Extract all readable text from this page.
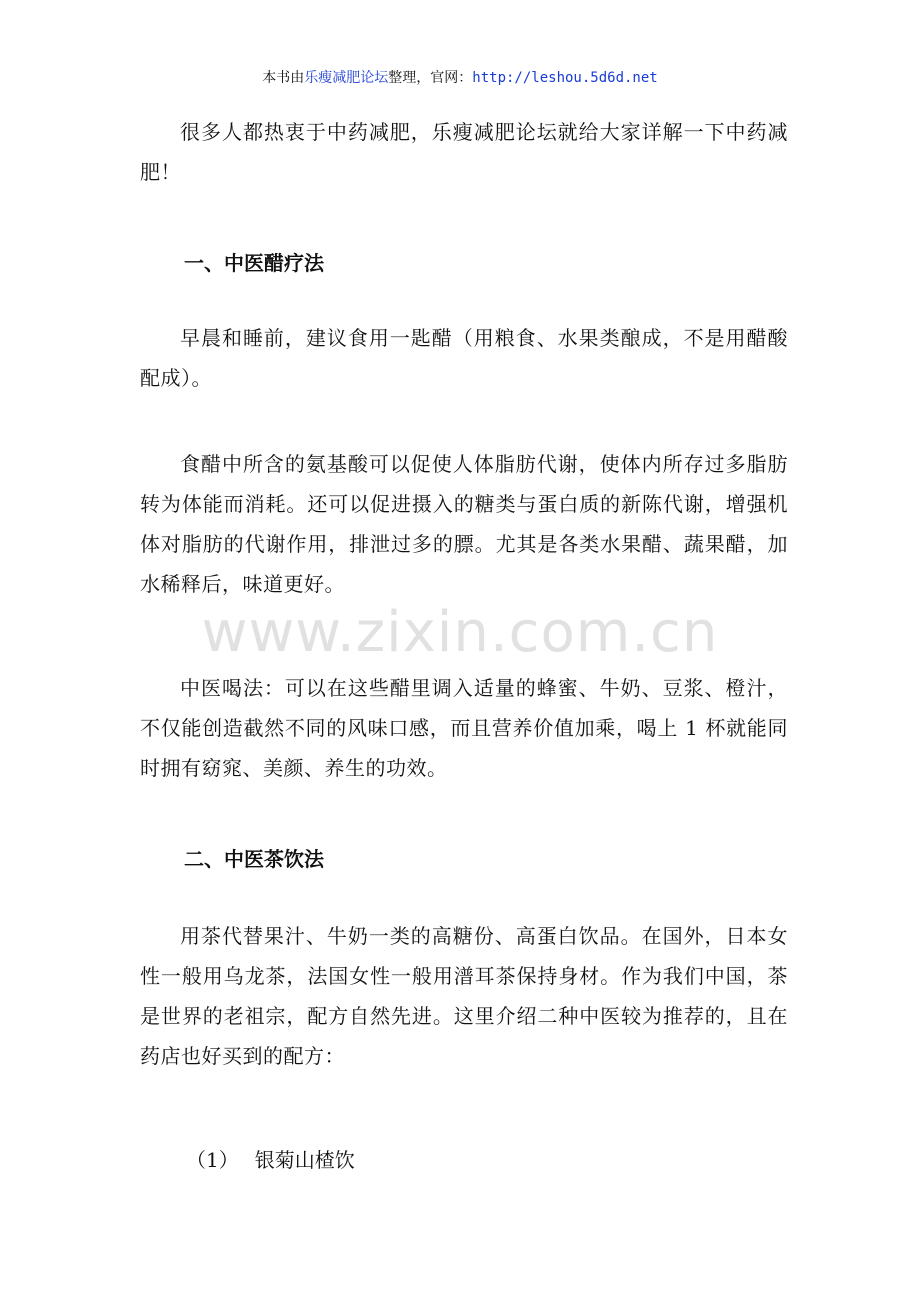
本书由乐瘦减肥论坛整理，官网：http://leshou.5d6d.net

很多人都热衷于中药减肥，乐瘦减肥论坛就给大家详解一下中药减肥！

一、中医醋疗法

早晨和睡前，建议食用一匙醋（用粮食、水果类酿成，不是用醋酸配成）。

食醋中所含的氨基酸可以促使人体脂肪代谢，使体内所存过多脂肪转为体能而消耗。还可以促进摄入的糖类与蛋白质的新陈代谢，增强机体对脂肪的代谢作用，排泄过多的膘。尤其是各类水果醋、蔬果醋，加水稀释后，味道更好。

中医喝法：可以在这些醋里调入适量的蜂蜜、牛奶、豆浆、橙汁，不仅能创造截然不同的风味口感，而且营养价值加乘，喝上 1 杯就能同时拥有窈窕、美颜、养生的功效。

二、中医茶饮法

用茶代替果汁、牛奶一类的高糖份、高蛋白饮品。在国外，日本女性一般用乌龙茶，法国女性一般用潽耳茶保持身材。作为我们中国，茶是世界的老祖宗，配方自然先进。这里介绍二种中医较为推荐的，且在药店也好买到的配方：

（1） 银菊山楂饮
www.zixin.com.cn
